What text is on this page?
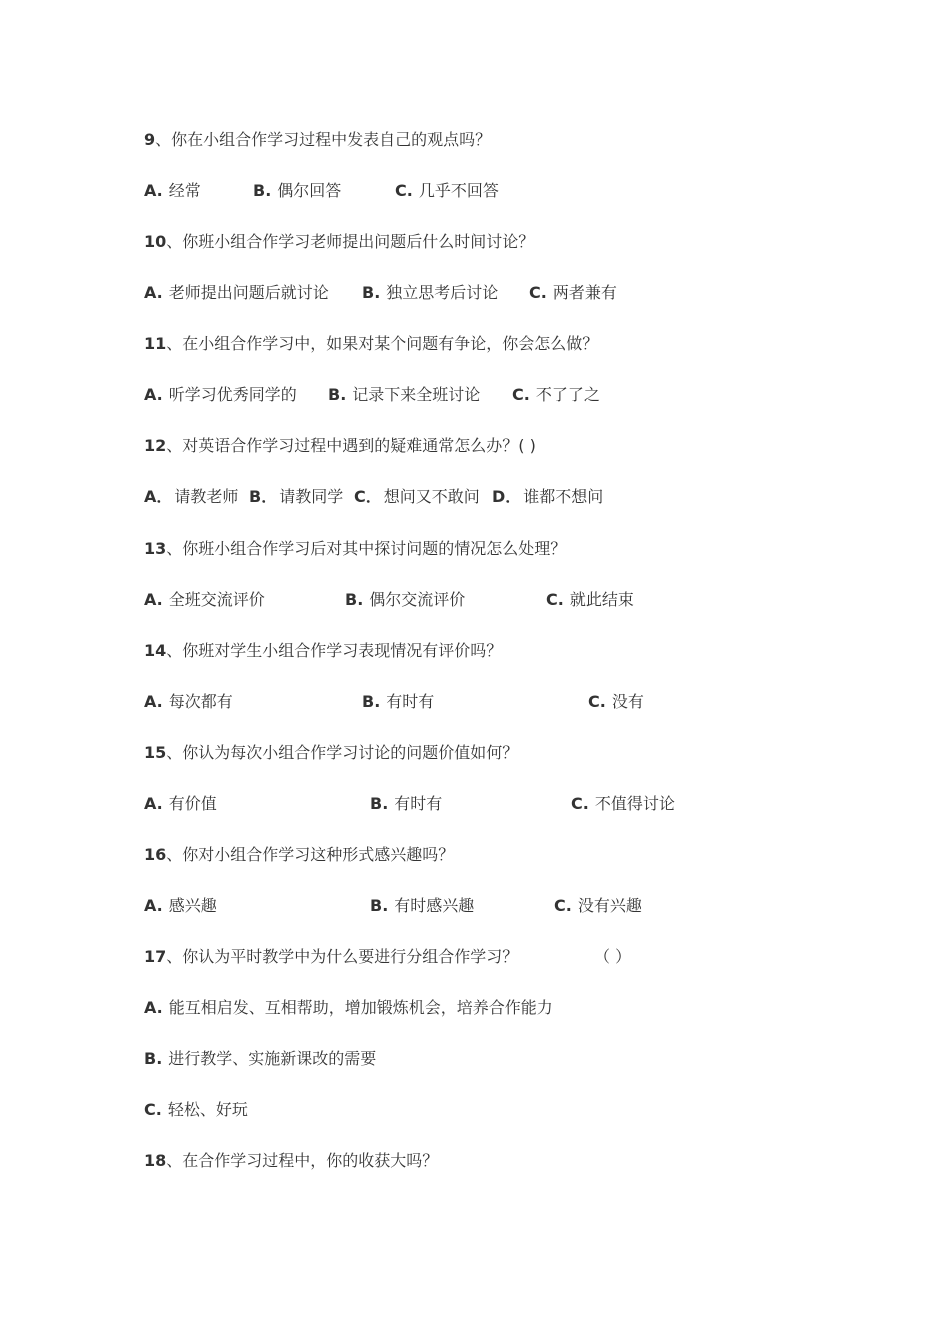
9、你在小组合作学习过程中发表自己的观点吗？
A. 经常	B. 偶尔回答	C. 几乎不回答
10、你班小组合作学习老师提出问题后什么时间讨论？
A. 老师提出问题后就讨论 B. 独立思考后讨论 C. 两者兼有
11、在小组合作学习中，如果对某个问题有争论，你会怎么做？
A. 听学习优秀同学的 B. 记录下来全班讨论 C. 不了了之
12、对英语合作学习过程中遇到的疑难通常怎么办？( )
A． 请教老师 B． 请教同学 C． 想问又不敢问 D． 谁都不想问
13、你班小组合作学习后对其中探讨问题的情况怎么处理？
A. 全班交流评价	B. 偶尔交流评价	C. 就此结束
14、你班对学生小组合作学习表现情况有评价吗？
A. 每次都有	B. 有时有	C. 没有
15、你认为每次小组合作学习讨论的问题价值如何？
A. 有价值	B. 有时有	C. 不值得讨论
16、你对小组合作学习这种形式感兴趣吗？
A. 感兴趣	B. 有时感兴趣	C. 没有兴趣
17、你认为平时教学中为什么要进行分组合作学习？	（ ）
A. 能互相启发、互相帮助，增加锻炼机会，培养合作能力
B. 进行教学、实施新课改的需要
C. 轻松、好玩
18、在合作学习过程中，你的收获大吗？
